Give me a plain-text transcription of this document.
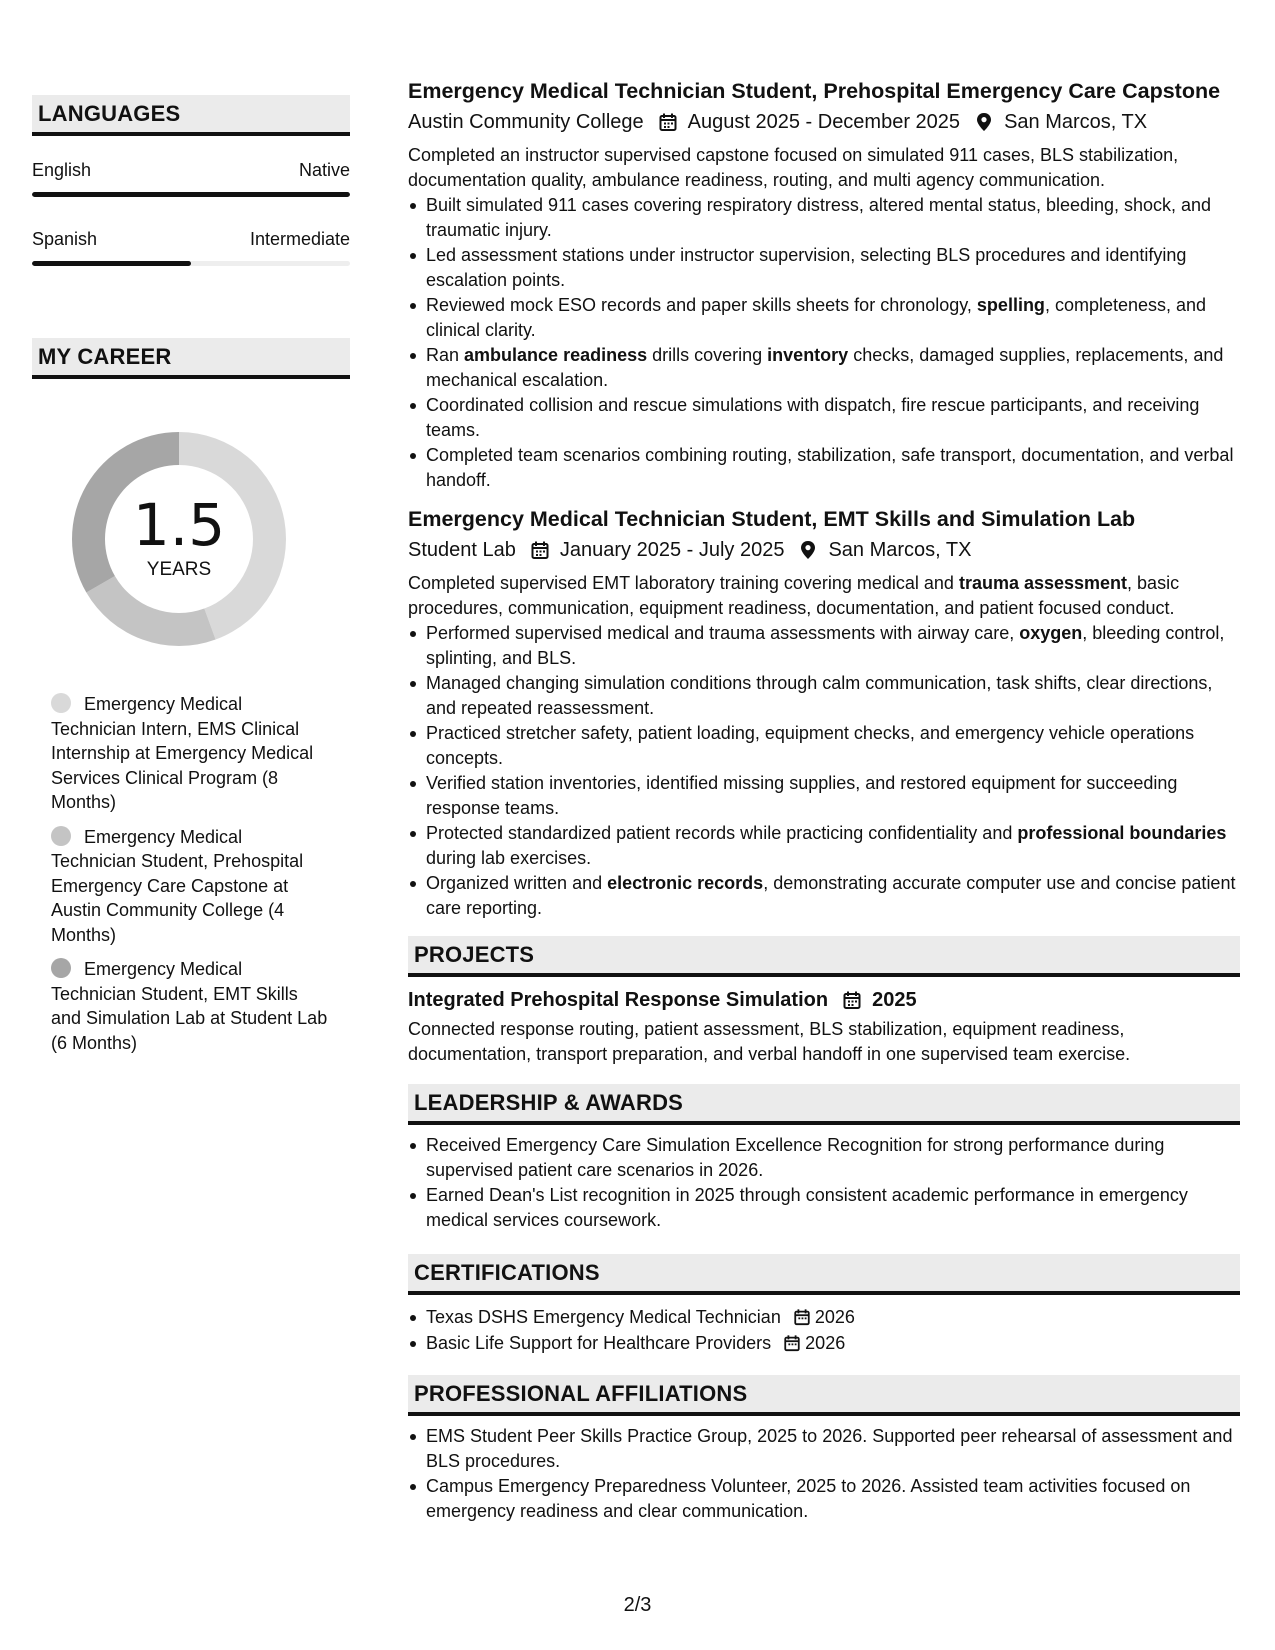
LANGUAGES
English	Native
Spanish	Intermediate
MY CAREER
1.5
YEARS
Emergency Medical Technician Intern, EMS Clinical Internship at Emergency Medical Services Clinical Program (8 Months)
Emergency Medical Technician Student, Prehospital Emergency Care Capstone at Austin Community College (4 Months)
Emergency Medical Technician Student, EMT Skills and Simulation Lab at Student Lab (6 Months)
Emergency Medical Technician Student, Prehospital Emergency Care Capstone
Austin Community College August 2025 - December 2025 San Marcos, TX
Completed an instructor supervised capstone focused on simulated 911 cases, BLS stabilization, documentation quality, ambulance readiness, routing, and multi agency communication.
Built simulated 911 cases covering respiratory distress, altered mental status, bleeding, shock, and traumatic injury.
Led assessment stations under instructor supervision, selecting BLS procedures and identifying escalation points.
Reviewed mock ESO records and paper skills sheets for chronology, spelling, completeness, and clinical clarity.
Ran ambulance readiness drills covering inventory checks, damaged supplies, replacements, and mechanical escalation.
Coordinated collision and rescue simulations with dispatch, fire rescue participants, and receiving teams.
Completed team scenarios combining routing, stabilization, safe transport, documentation, and verbal handoff.
Emergency Medical Technician Student, EMT Skills and Simulation Lab
Student Lab January 2025 - July 2025 San Marcos, TX
Completed supervised EMT laboratory training covering medical and trauma assessment, basic procedures, communication, equipment readiness, documentation, and patient focused conduct.
Performed supervised medical and trauma assessments with airway care, oxygen, bleeding control, splinting, and BLS.
Managed changing simulation conditions through calm communication, task shifts, clear directions, and repeated reassessment.
Practiced stretcher safety, patient loading, equipment checks, and emergency vehicle operations concepts.
Verified station inventories, identified missing supplies, and restored equipment for succeeding response teams.
Protected standardized patient records while practicing confidentiality and professional boundaries during lab exercises.
Organized written and electronic records, demonstrating accurate computer use and concise patient care reporting.
PROJECTS
Integrated Prehospital Response Simulation 2025
Connected response routing, patient assessment, BLS stabilization, equipment readiness, documentation, transport preparation, and verbal handoff in one supervised team exercise.
LEADERSHIP & AWARDS
Received Emergency Care Simulation Excellence Recognition for strong performance during supervised patient care scenarios in 2026.
Earned Dean's List recognition in 2025 through consistent academic performance in emergency medical services coursework.
CERTIFICATIONS
Texas DSHS Emergency Medical Technician 2026
Basic Life Support for Healthcare Providers 2026
PROFESSIONAL AFFILIATIONS
EMS Student Peer Skills Practice Group, 2025 to 2026. Supported peer rehearsal of assessment and BLS procedures.
Campus Emergency Preparedness Volunteer, 2025 to 2026. Assisted team activities focused on emergency readiness and clear communication.
2/3
